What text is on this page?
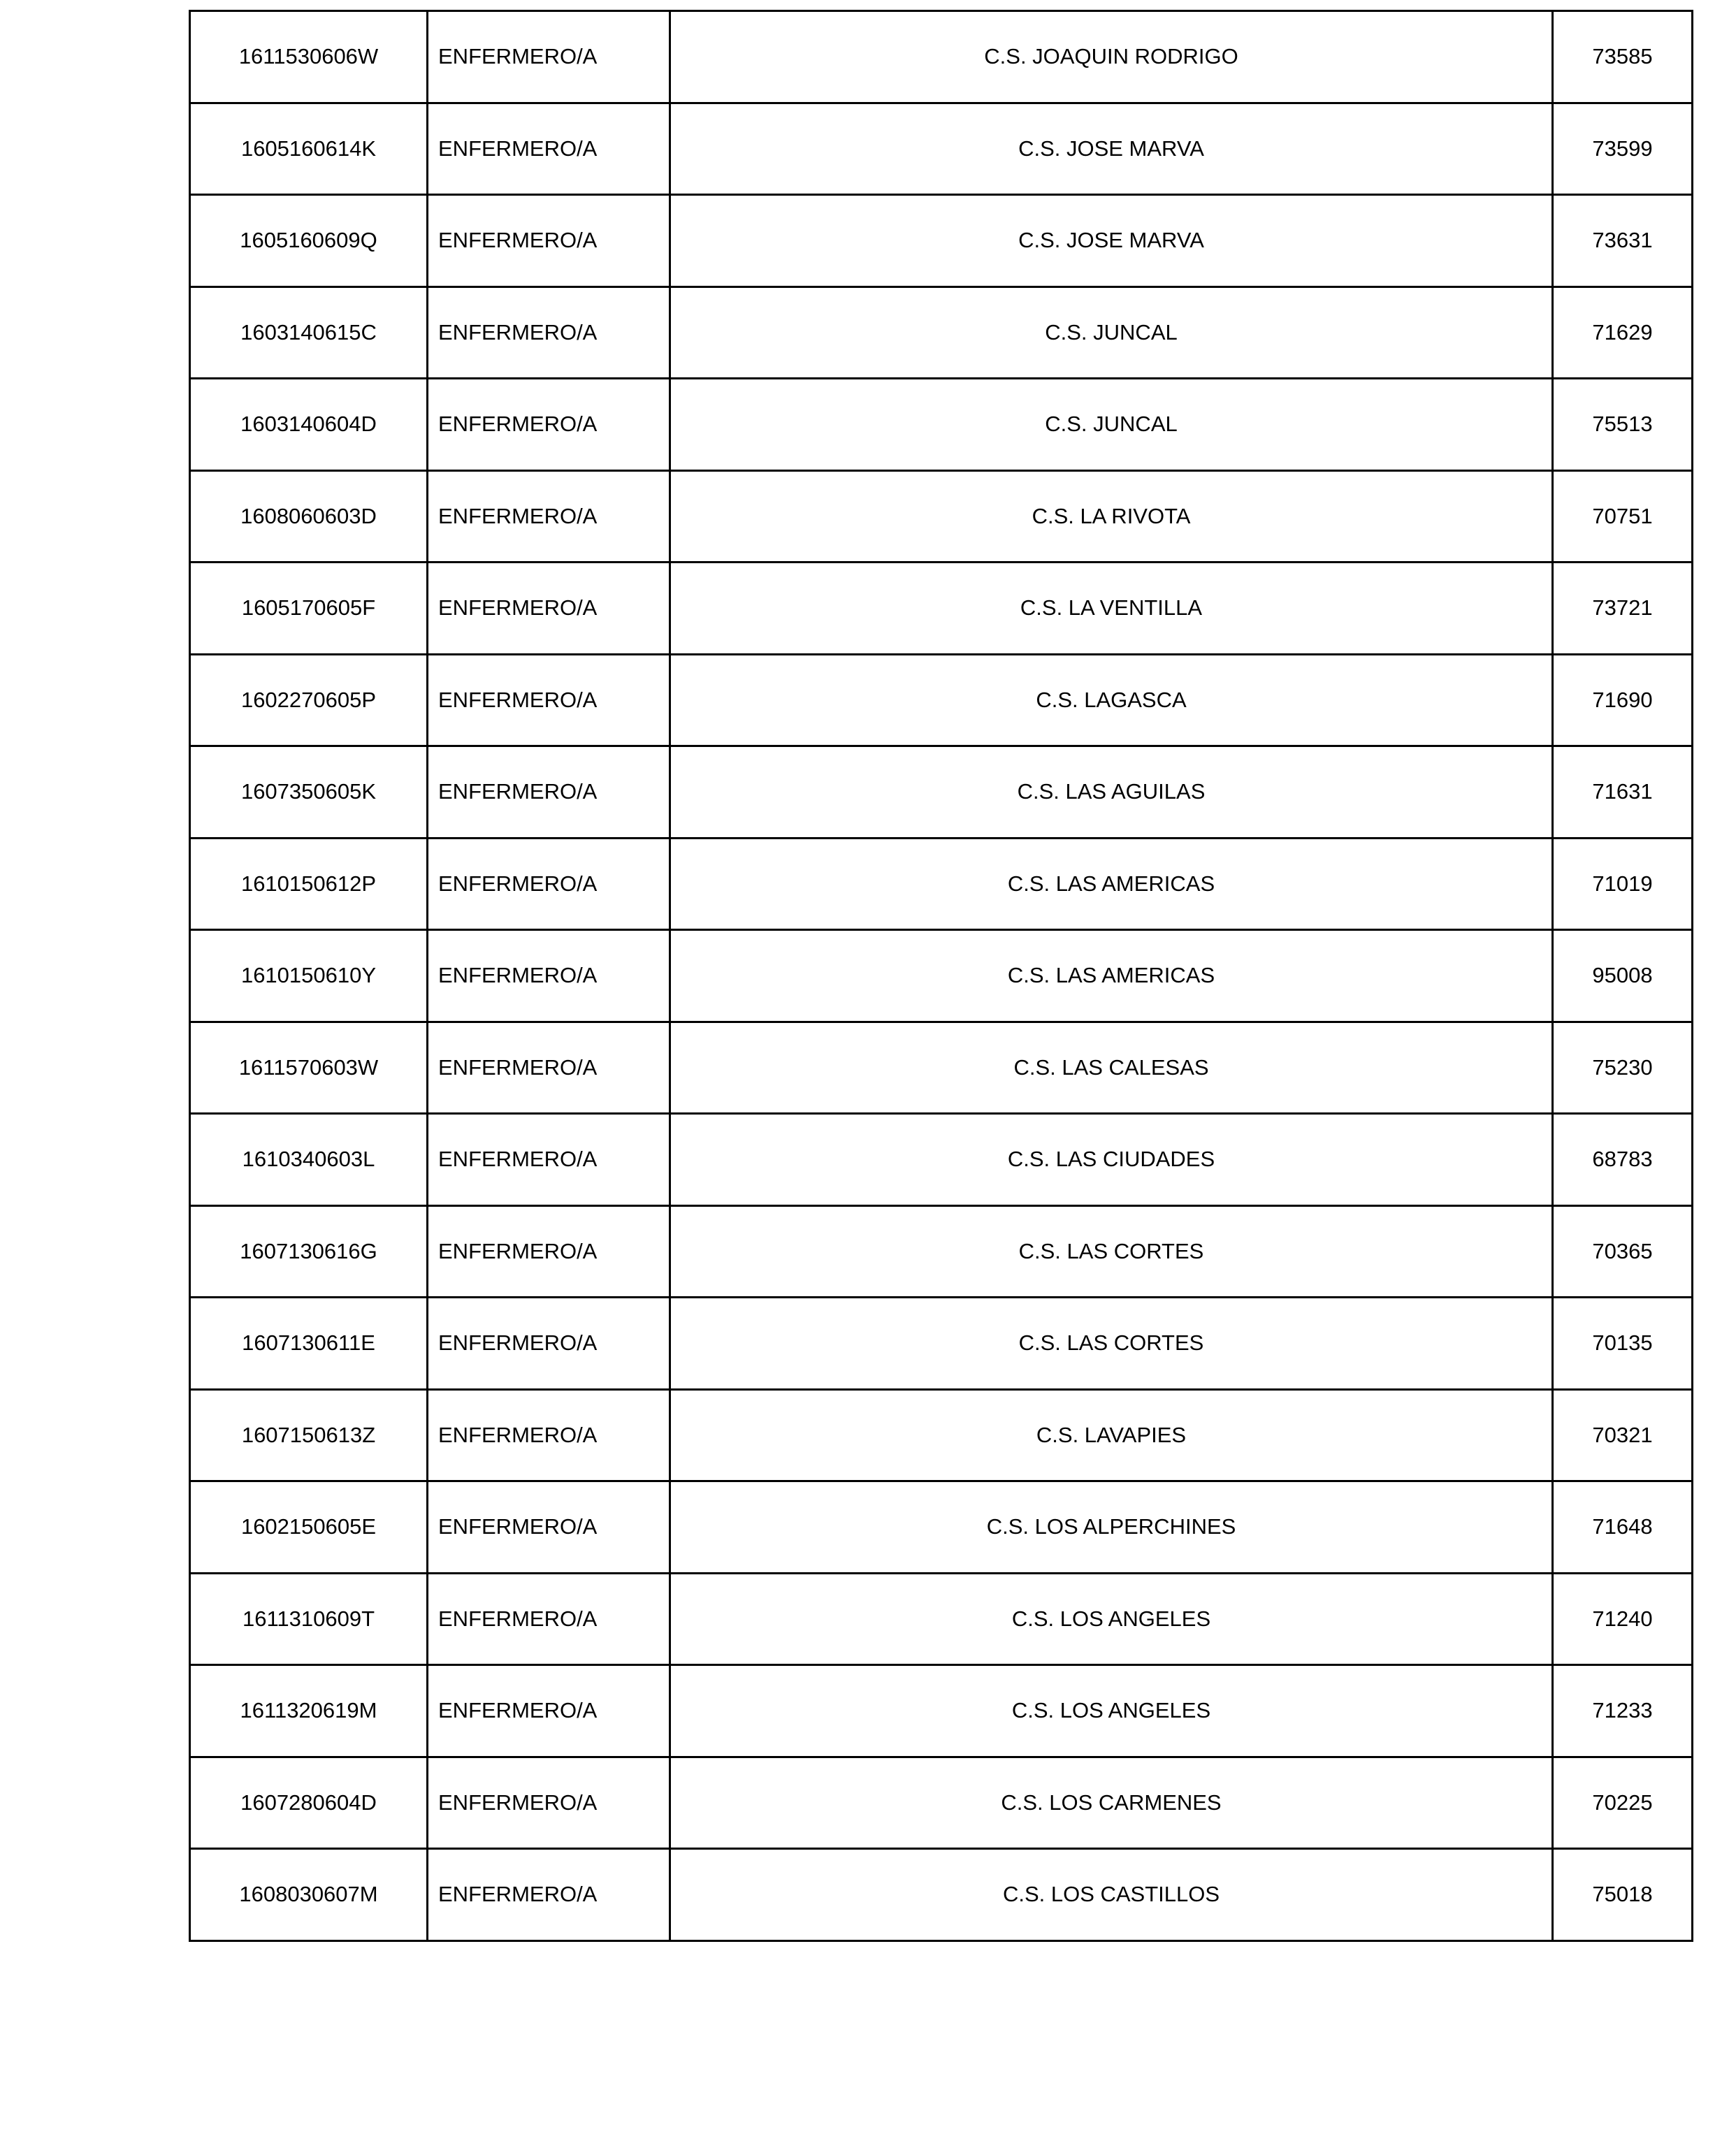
1611530606W	ENFERMERO/A	C.S. JOAQUIN RODRIGO	73585
1605160614K	ENFERMERO/A	C.S. JOSE MARVA	73599
1605160609Q	ENFERMERO/A	C.S. JOSE MARVA	73631
1603140615C	ENFERMERO/A	C.S. JUNCAL	71629
1603140604D	ENFERMERO/A	C.S. JUNCAL	75513
1608060603D	ENFERMERO/A	C.S. LA RIVOTA	70751
1605170605F	ENFERMERO/A	C.S. LA VENTILLA	73721
1602270605P	ENFERMERO/A	C.S. LAGASCA	71690
1607350605K	ENFERMERO/A	C.S. LAS AGUILAS	71631
1610150612P	ENFERMERO/A	C.S. LAS AMERICAS	71019
1610150610Y	ENFERMERO/A	C.S. LAS AMERICAS	95008
1611570603W	ENFERMERO/A	C.S. LAS CALESAS	75230
1610340603L	ENFERMERO/A	C.S. LAS CIUDADES	68783
1607130616G	ENFERMERO/A	C.S. LAS CORTES	70365
1607130611E	ENFERMERO/A	C.S. LAS CORTES	70135
1607150613Z	ENFERMERO/A	C.S. LAVAPIES	70321
1602150605E	ENFERMERO/A	C.S. LOS ALPERCHINES	71648
1611310609T	ENFERMERO/A	C.S. LOS ANGELES	71240
1611320619M	ENFERMERO/A	C.S. LOS ANGELES	71233
1607280604D	ENFERMERO/A	C.S. LOS CARMENES	70225
1608030607M	ENFERMERO/A	C.S. LOS CASTILLOS	75018
